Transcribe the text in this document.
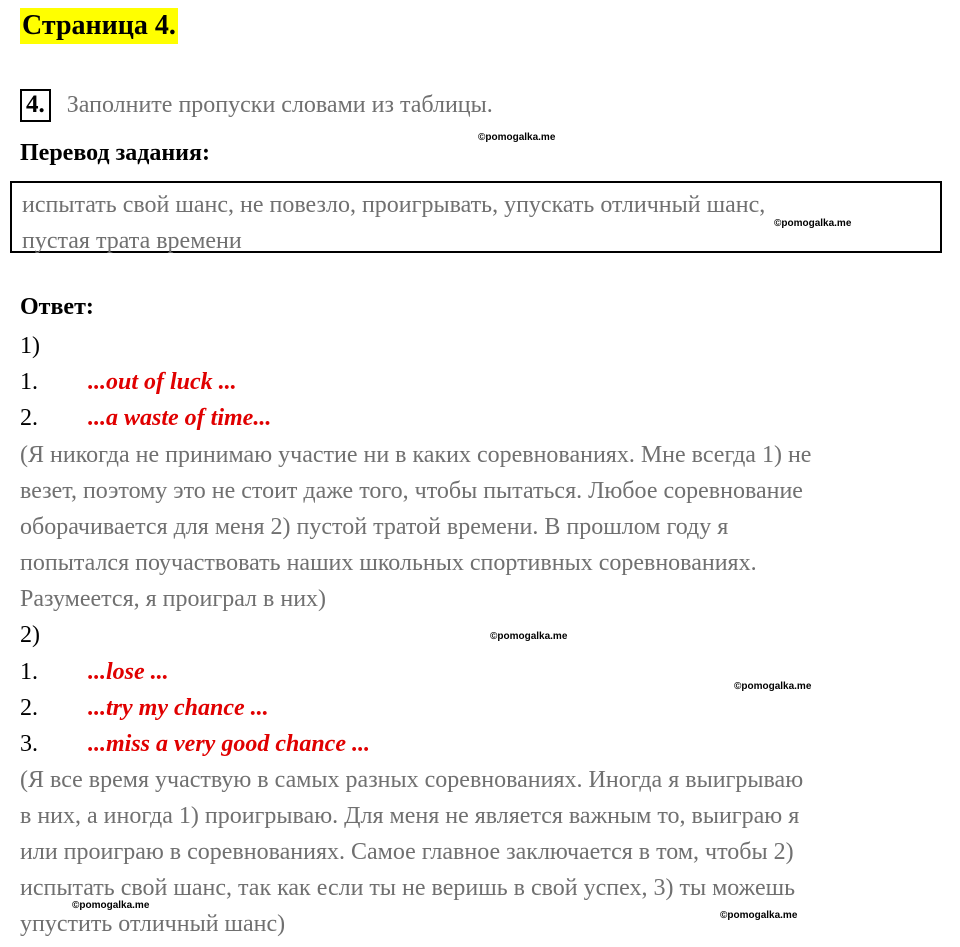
Страница 4.
4. Заполните пропуски словами из таблицы.
©pomogalka.me
Перевод задания:
испытать свой шанс, не повезло, проигрывать, упускать отличный шанс,
пустая трата времени
©pomogalka.me
Ответ:
1)
1. ...out of luck ...
2. ...a waste of time...
(Я никогда не принимаю участие ни в каких соревнованиях. Мне всегда 1) не
везет, поэтому это не стоит даже того, чтобы пытаться. Любое соревнование
оборачивается для меня 2) пустой тратой времени. В прошлом году я
попытался поучаствовать наших школьных спортивных соревнованиях.
Разумеется, я проиграл в них)
2)	©pomogalka.me
1. ...lose ...
©pomogalka.me
2. ...try my chance ...
3. ...miss a very good chance ...
(Я все время участвую в самых разных соревнованиях. Иногда я выигрываю
в них, а иногда 1) проигрываю. Для меня не является важным то, выиграю я
или проиграю в соревнованиях. Самое главное заключается в том, чтобы 2)
испытать свой шанс, так как если ты не веришь в свой успех, 3) ты можешь
©pomogalka.me
упустить отличный шанс)	©pomogalka.me
